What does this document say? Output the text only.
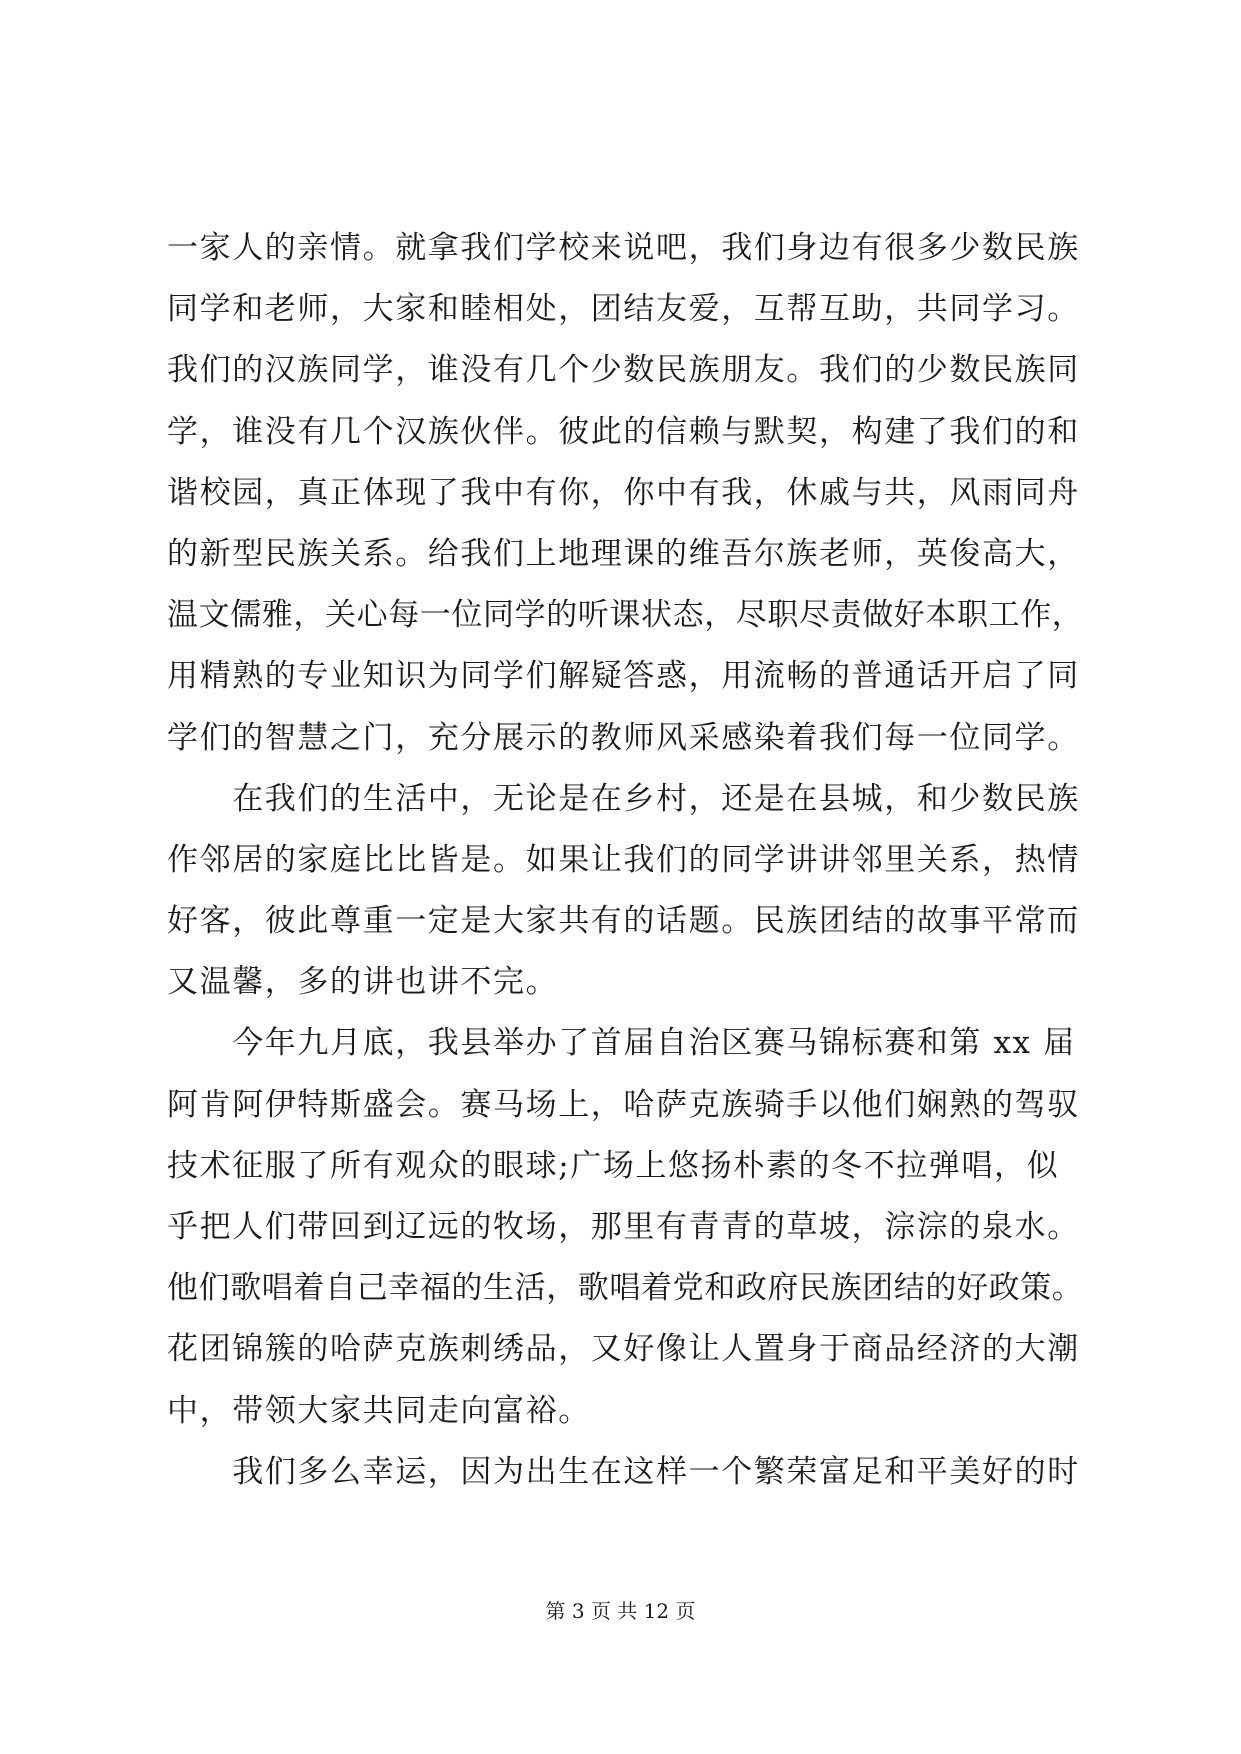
一家人的亲情。就拿我们学校来说吧，我们身边有很多少数民族
同学和老师，大家和睦相处，团结友爱，互帮互助，共同学习。
我们的汉族同学，谁没有几个少数民族朋友。我们的少数民族同
学，谁没有几个汉族伙伴。彼此的信赖与默契，构建了我们的和
谐校园，真正体现了我中有你，你中有我，休戚与共，风雨同舟
的新型民族关系。给我们上地理课的维吾尔族老师，英俊高大，
温文儒雅，关心每一位同学的听课状态，尽职尽责做好本职工作，
用精熟的专业知识为同学们解疑答惑，用流畅的普通话开启了同
学们的智慧之门，充分展示的教师风采感染着我们每一位同学。
　　在我们的生活中，无论是在乡村，还是在县城，和少数民族
作邻居的家庭比比皆是。如果让我们的同学讲讲邻里关系，热情
好客，彼此尊重一定是大家共有的话题。民族团结的故事平常而
又温馨，多的讲也讲不完。
　　今年九月底，我县举办了首届自治区赛马锦标赛和第 xx 届
阿肯阿伊特斯盛会。赛马场上，哈萨克族骑手以他们娴熟的驾驭
技术征服了所有观众的眼球;广场上悠扬朴素的冬不拉弹唱，似
乎把人们带回到辽远的牧场，那里有青青的草坡，淙淙的泉水。
他们歌唱着自己幸福的生活，歌唱着党和政府民族团结的好政策。
花团锦簇的哈萨克族刺绣品，又好像让人置身于商品经济的大潮
中，带领大家共同走向富裕。
　　我们多么幸运，因为出生在这样一个繁荣富足和平美好的时
第 3 页 共 12 页
